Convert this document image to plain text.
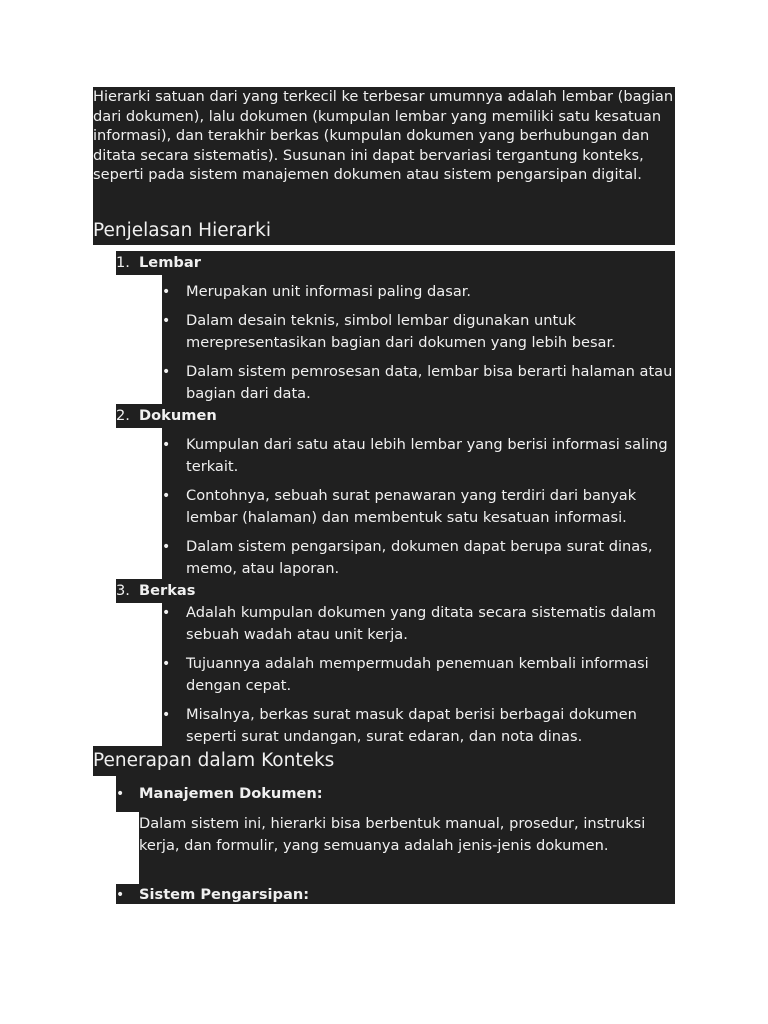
Hierarki satuan dari yang terkecil ke terbesar umumnya adalah lembar (bagian dari dokumen), lalu dokumen (kumpulan lembar yang memiliki satu kesatuan informasi), dan terakhir berkas (kumpulan dokumen yang berhubungan dan ditata secara sistematis). Susunan ini dapat bervariasi tergantung konteks, seperti pada sistem manajemen dokumen atau sistem pengarsipan digital.
Penjelasan Hierarki
1. Lembar
• Merupakan unit informasi paling dasar.
• Dalam desain teknis, simbol lembar digunakan untuk merepresentasikan bagian dari dokumen yang lebih besar.
• Dalam sistem pemrosesan data, lembar bisa berarti halaman atau bagian dari data.
2. Dokumen
• Kumpulan dari satu atau lebih lembar yang berisi informasi saling terkait.
• Contohnya, sebuah surat penawaran yang terdiri dari banyak lembar (halaman) dan membentuk satu kesatuan informasi.
• Dalam sistem pengarsipan, dokumen dapat berupa surat dinas, memo, atau laporan.
3. Berkas
• Adalah kumpulan dokumen yang ditata secara sistematis dalam sebuah wadah atau unit kerja.
• Tujuannya adalah mempermudah penemuan kembali informasi dengan cepat.
• Misalnya, berkas surat masuk dapat berisi berbagai dokumen seperti surat undangan, surat edaran, dan nota dinas.
Penerapan dalam Konteks
• Manajemen Dokumen:
Dalam sistem ini, hierarki bisa berbentuk manual, prosedur, instruksi kerja, dan formulir, yang semuanya adalah jenis-jenis dokumen.
• Sistem Pengarsipan:
